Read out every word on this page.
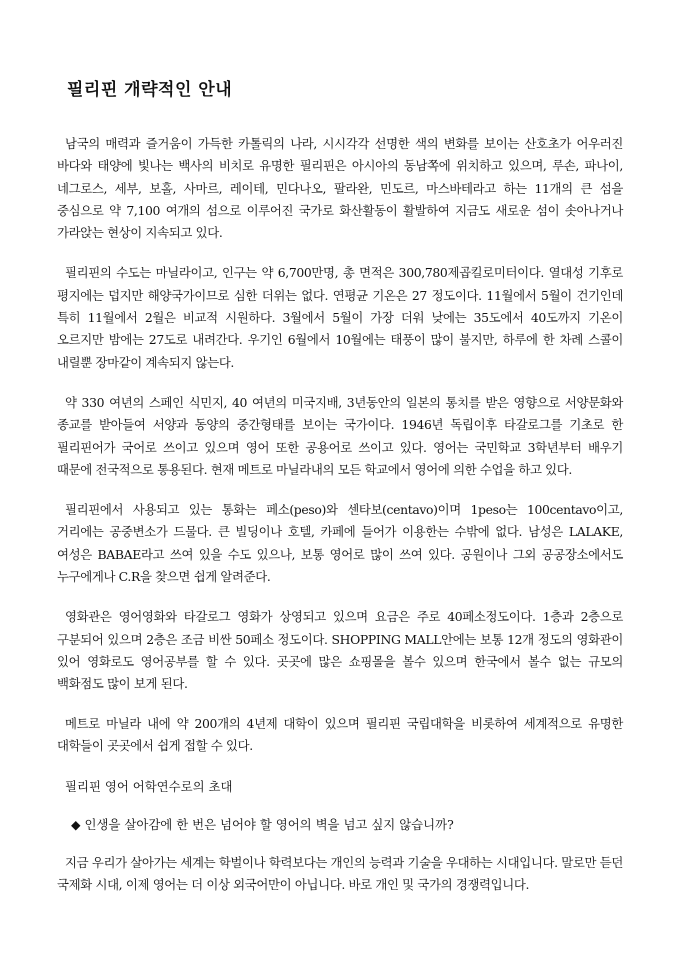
필리핀 개략적인 안내

남국의 매력과 즐거움이 가득한 카톨릭의 나라, 시시각각 선명한 색의 변화를 보이는 산호초가 어우러진 바다와 태양에 빛나는 백사의 비치로 유명한 필리핀은 아시아의 동남쪽에 위치하고 있으며, 루손, 파나이, 네그로스, 세부, 보홀, 사마르, 레이테, 민다나오, 팔라완, 민도르, 마스바테라고 하는 11개의 큰 섬을 중심으로 약 7,100 여개의 섬으로 이루어진 국가로 화산활동이 활발하여 지금도 새로운 섬이 솟아나거나 가라앉는 현상이 지속되고 있다.

필리핀의 수도는 마닐라이고, 인구는 약 6,700만명, 총 면적은 300,780제곱킬로미터이다. 열대성 기후로 평지에는 덥지만 해양국가이므로 심한 더위는 없다. 연평균 기온은 27 정도이다. 11월에서 5월이 건기인데 특히 11월에서 2월은 비교적 시원하다. 3월에서 5월이 가장 더워 낮에는 35도에서 40도까지 기온이 오르지만 밤에는 27도로 내려간다. 우기인 6월에서 10월에는 태풍이 많이 불지만, 하루에 한 차례 스콜이 내릴뿐 장마같이 계속되지 않는다.

약 330 여년의 스페인 식민지, 40 여년의 미국지배, 3년동안의 일본의 통치를 받은 영향으로 서양문화와 종교를 받아들여 서양과 동양의 중간형태를 보이는 국가이다. 1946년 독립이후 타갈로그를 기초로 한 필리핀어가 국어로 쓰이고 있으며 영어 또한 공용어로 쓰이고 있다. 영어는 국민학교 3학년부터 배우기 때문에 전국적으로 통용된다. 현재 메트로 마닐라내의 모든 학교에서 영어에 의한 수업을 하고 있다.

필리핀에서 사용되고 있는 통화는 페소(peso)와 센타보(centavo)이며 1peso는 100centavo이고, 거리에는 공중변소가 드물다. 큰 빌딩이나 호텔, 카페에 들어가 이용한는 수밖에 없다. 남성은 LALAKE, 여성은 BABAE라고 쓰여 있을 수도 있으나, 보통 영어로 많이 쓰여 있다. 공원이나 그외 공공장소에서도 누구에게나 C.R을 찾으면 쉽게 알려준다.

영화관은 영어영화와 타갈로그 영화가 상영되고 있으며 요금은 주로 40페소정도이다. 1층과 2층으로 구분되어 있으며 2층은 조금 비싼 50페소 정도이다. SHOPPING MALL안에는 보통 12개 정도의 영화관이 있어 영화로도 영어공부를 할 수 있다. 곳곳에 많은 쇼핑몰을 볼수 있으며 한국에서 볼수 없는 규모의 백화점도 많이 보게 된다.

메트로 마닐라 내에 약 200개의 4년제 대학이 있으며 필리핀 국립대학을 비롯하여 세계적으로 유명한 대학들이 곳곳에서 쉽게 접할 수 있다.

필리핀 영어 어학연수로의 초대
◆ 인생을 살아감에 한 번은 넘어야 할 영어의 벽을 넘고 싶지 않습니까?

지금 우리가 살아가는 세계는 학벌이나 학력보다는 개인의 능력과 기술을 우대하는 시대입니다. 말로만 듣던 국제화 시대, 이제 영어는 더 이상 외국어만이 아닙니다. 바로 개인 및 국가의 경쟁력입니다.
